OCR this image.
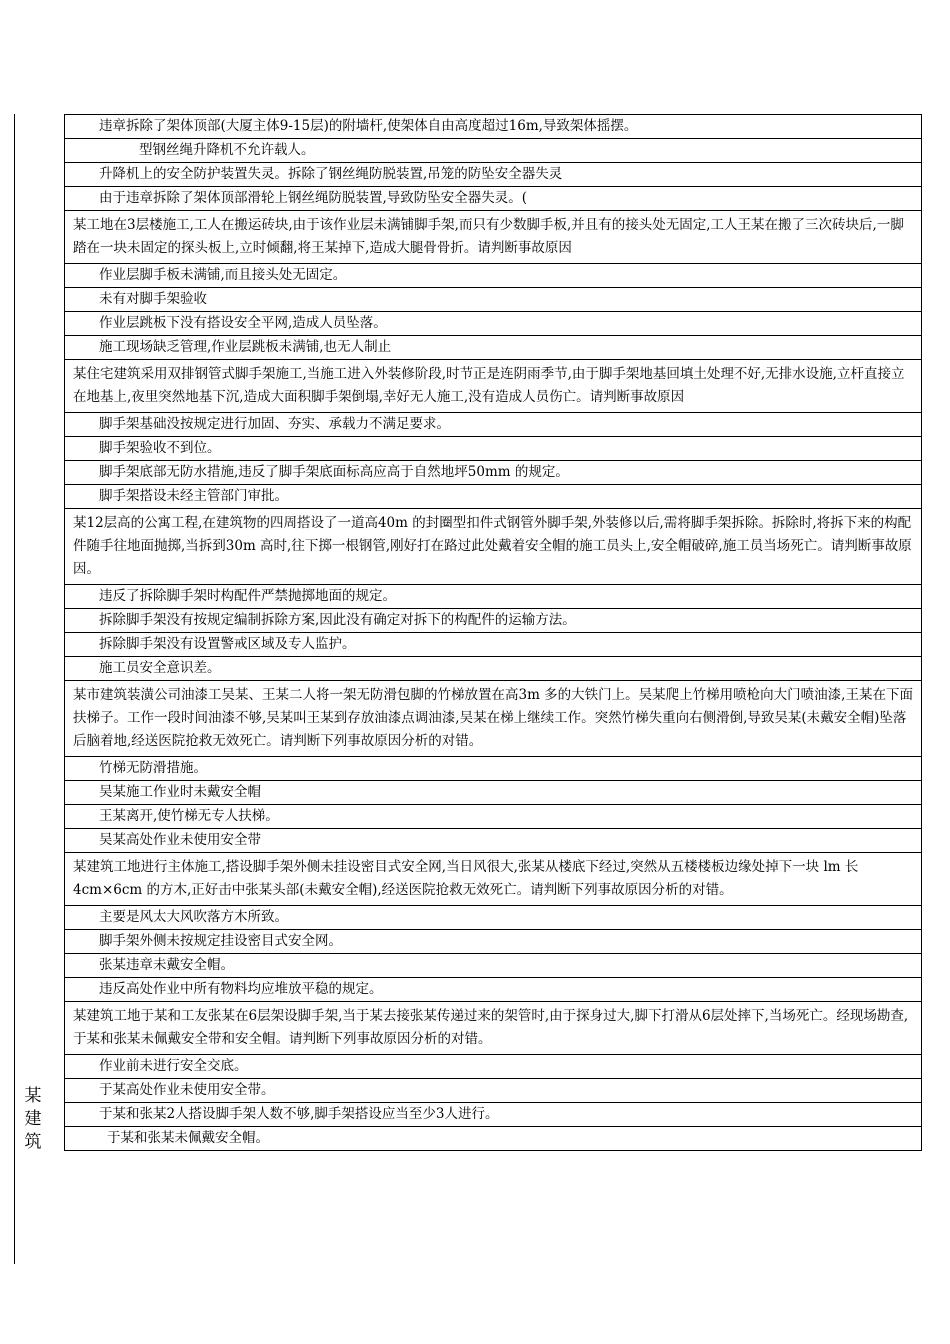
某
建
筑
违章拆除了架体顶部(大厦主体9-15层)的附墙杆,使架体自由高度超过16m,导致架体摇摆。
型钢丝绳升降机不允许载人。
升降机上的安全防护装置失灵。拆除了钢丝绳防脱装置,吊笼的防坠安全器失灵
由于违章拆除了架体顶部滑轮上钢丝绳防脱装置,导致防坠安全器失灵。(
某工地在3层楼施工,工人在搬运砖块,由于该作业层未满铺脚手架,而只有少数脚手板,并且有的接头处无固定,工人王某在搬了三次砖块后,一脚踏在一块未固定的探头板上,立时倾翻,将王某掉下,造成大腿骨骨折。请判断事故原因
作业层脚手板未满铺,而且接头处无固定。
未有对脚手架验收
作业层跳板下没有搭设安全平网,造成人员坠落。
施工现场缺乏管理,作业层跳板未满铺,也无人制止
某住宅建筑采用双排钢管式脚手架施工,当施工进入外装修阶段,时节正是连阴雨季节,由于脚手架地基回填土处理不好,无排水设施,立杆直接立在地基上,夜里突然地基下沉,造成大面积脚手架倒塌,幸好无人施工,没有造成人员伤亡。请判断事故原因
脚手架基础没按规定进行加固、夯实、承载力不满足要求。
脚手架验收不到位。
脚手架底部无防水措施,违反了脚手架底面标高应高于自然地坪50mm 的规定。
脚手架搭设未经主管部门审批。
某12层高的公寓工程,在建筑物的四周搭设了一道高40m 的封圈型扣件式钢管外脚手架,外装修以后,需将脚手架拆除。拆除时,将拆下来的构配件随手往地面抛掷,当拆到30m 高时,往下掷一根钢管,刚好打在路过此处戴着安全帽的施工员头上,安全帽破碎,施工员当场死亡。请判断事故原因。
违反了拆除脚手架时构配件严禁抛掷地面的规定。
拆除脚手架没有按规定编制拆除方案,因此没有确定对拆下的构配件的运输方法。
拆除脚手架没有设置警戒区域及专人监护。
施工员安全意识差。
某市建筑装潢公司油漆工吴某、王某二人将一架无防滑包脚的竹梯放置在高3m 多的大铁门上。吴某爬上竹梯用喷枪向大门喷油漆,王某在下面扶梯子。工作一段时间油漆不够,吴某叫王某到存放油漆点调油漆,吴某在梯上继续工作。突然竹梯失重向右侧滑倒,导致吴某(未戴安全帽)坠落后脑着地,经送医院抢救无效死亡。请判断下列事故原因分析的对错。
竹梯无防滑措施。
吴某施工作业时未戴安全帽
王某离开,使竹梯无专人扶梯。
吴某高处作业未使用安全带
某建筑工地进行主体施工,搭设脚手架外侧未挂设密目式安全网,当日风很大,张某从楼底下经过,突然从五楼楼板边缘处掉下一块 lm 长4cm×6cm 的方木,正好击中张某头部(未戴安全帽),经送医院抢救无效死亡。请判断下列事故原因分析的对错。
主要是风太大风吹落方木所致。
脚手架外侧未按规定挂设密目式安全网。
张某违章未戴安全帽。
违反高处作业中所有物料均应堆放平稳的规定。
某建筑工地于某和工友张某在6层架设脚手架,当于某去接张某传递过来的架管时,由于探身过大,脚下打滑从6层处摔下,当场死亡。经现场勘查,于某和张某未佩戴安全带和安全帽。请判断下列事故原因分析的对错。
作业前未进行安全交底。
于某高处作业未使用安全带。
于某和张某2人搭设脚手架人数不够,脚手架搭设应当至少3人进行。
于某和张某未佩戴安全帽。
